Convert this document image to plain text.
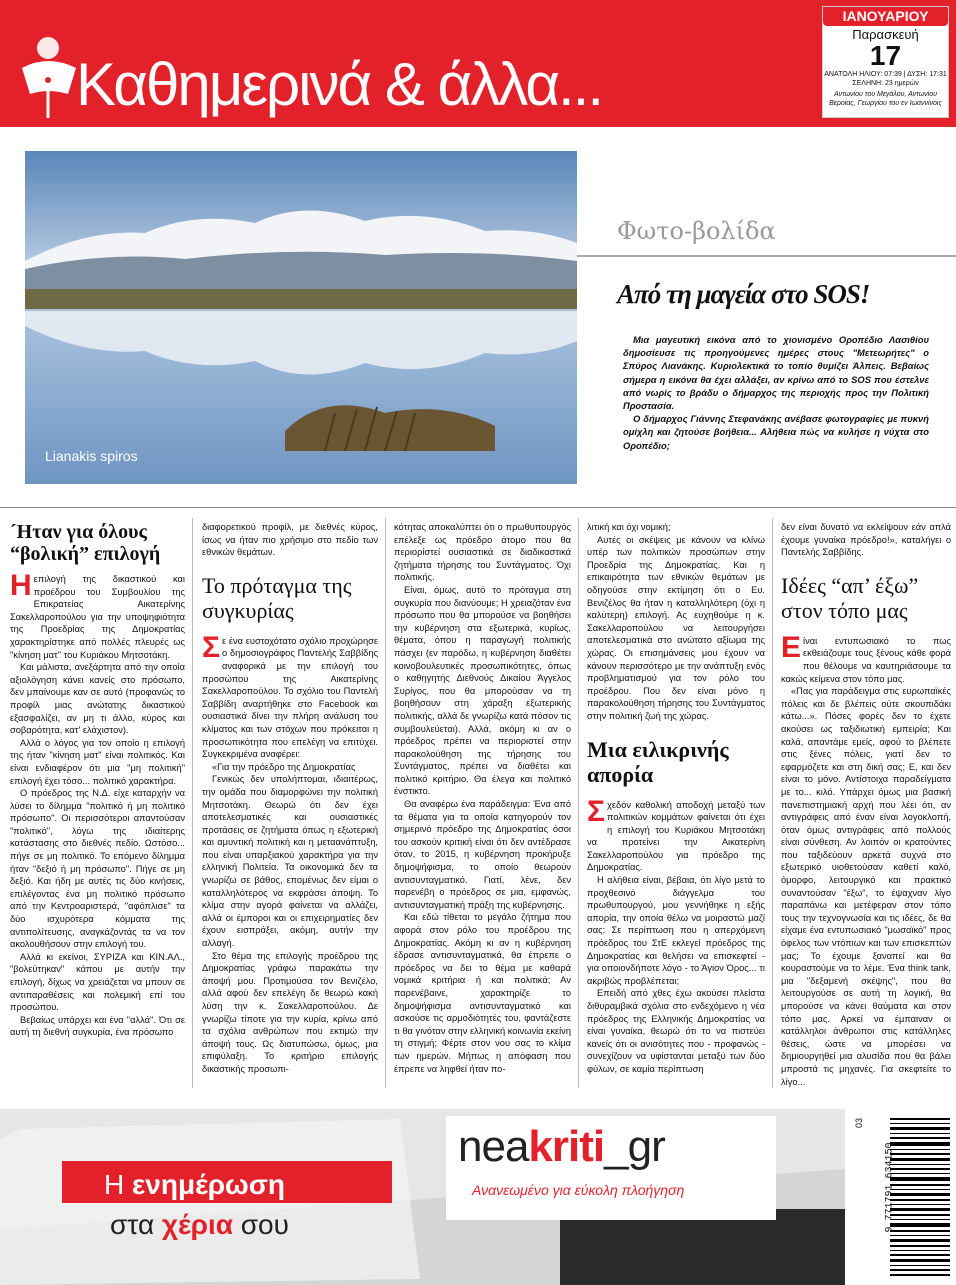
Καθημερινά & άλλα...
ΙΑΝΟΥΑΡΙΟΥ
Παρασκευή
17
ΑΝΑΤΟΛΗ ΗΛΙΟΥ: 07:39 | ΔΥΣΗ: 17:31
ΣΕΛΗΝΗ: 23 ημερών
Αντωνίου του Μεγάλου, Αντωνίου Βεροίας, Γεωργίου του εν Ιωαννίνοις
Lianakis spiros
Φωτο-βολίδα
Από τη μαγεία στο SOS!

Μια μαγευτική εικόνα από το χιονισμένο Οροπέδιο Λασιθίου δημοσίευσε τις προηγούμενες ημέρες στους "Μετεωρήτες" ο Σπύρος Λιανάκης. Κυριολεκτικά το τοπίο θυμίζει Άλπεις. Βεβαίως σήμερα η εικόνα θα έχει αλλάξει, αν κρίνω από το SOS που έστελνε από νωρίς το βράδυ ο δήμαρχος της περιοχής προς την Πολιτική Προστασία.

Ο δήμαρχος Γιάννης Στεφανάκης ανέβασε φωτογραφίες με πυκνή ομίχλη και ζητούσε βοήθεια... Αλήθεια πώς να κυλήσε η νύχτα στο Οροπέδιο;

´Ηταν για όλους
“βολική” επιλογή

Ηεπιλογή της δικαστικού και προέδρου του Συμβουλίου της Επικρατείας Αικατερίνης Σακελλαροπούλου για την υποψηφιότητα της Προεδρίας της Δημοκρατίας χαρακτηρίστηκε από πολλές πλευρές ως "κίνηση ματ" του Κυριάκου Μητσοτάκη.

Και μάλιστα, ανεξάρτητα από την οποία αξιολόγηση κάνει κανείς στο πρόσωπο, δεν μπαίνουμε καν σε αυτό (προφανώς το προφίλ μιας ανώτατης δικαστικού εξασφαλίζει, αν μη τι άλλο, κύρος και σοβαρότητα, κατ' ελάχιστον).

Αλλά ο λόγος για τον οποίο η επιλογή της ήταν "κίνηση ματ" είναι πολιτικός. Και είναι ενδιαφέρον ότι μια "μη πολιτική" επιλογή έχει τόσο... πολιτικό χαρακτήρα.

Ο πρόεδρος της Ν.Δ. είχε καταρχήν να λύσει το δίλημμα "πολιτικό ή μη πολιτικό πρόσωπο". Οι περισσότεροι απαντούσαν "πολιτικό", λόγω της ιδιαίτερης κατάστασης στο διεθνές πεδίο. Ωστόσο... πήγε σε μη πολιτικό. Το επόμενο δίλημμα ήταν "δεξιό ή μη πρόσωπο". Πήγε σε μη δεξιό. Και ήδη με αυτές τις δύο κινήσεις, επιλέγοντας ένα μη πολιτικό πρόσωπο από την Κεντροαριστερά, "αφόπλισε" τα δύο ισχυρότερα κόμματα της αντιπολίτευσης, αναγκάζοντάς τα να τον ακολουθήσουν στην επιλογή του.

Αλλά κι εκείνοι, ΣΥΡΙΖΑ και ΚΙΝ.ΑΛ., "βολεύτηκαν" κάπου με αυτήν την επιλογή, δίχως να χρειάζεται να μπουν σε αντιπαραθέσεις και πολεμική επί του προσώπου.

Βεβαίως υπάρχει και ένα "αλλά". Ότι σε αυτή τη διεθνή συγκυρία, ένα πρόσωπο

διαφορετικού προφίλ, με διεθνές κύρος, ίσως να ήταν πιο χρήσιμο στο πεδίο των εθνικών θεμάτων.

Το πρόταγμα της
συγκυρίας

Σε ένα ευστοχότατο σχόλιο προχώρησε ο δημοσιογράφος Παντελής Σαββίδης αναφορικά με την επιλογή του προσώπου της Αικατερίνης Σακελλαροπούλου. Το σχόλιο του Παντελή Σαββίδη αναρτήθηκε στο Facebook και ουσιαστικά δίνει την πλήρη ανάλυση του κλίματος και των στόχων που πρόκειται η προσωπικότητα που επελέγη να επιτύχει. Συγκεκριμένα αναφέρει:

«Για την πρόεδρο της Δημοκρατίας

Γενικώς δεν υπολήπτομαι, ιδιαιτέρως, την ομάδα που διαμορφώνει την πολιτική Μητσοτάκη. Θεωρώ ότι δεν έχει αποτελεσματικές και ουσιαστικές προτάσεις σε ζητήματα όπως η εξωτερική και αμυντική πολιτική και η μεταανάπτυξη, που είναι υπαρξιακού χαρακτήρα για την ελληνική Πολιτεία. Τα οικονομικά δεν τα γνωρίζω σε βάθος, επομένως δεν είμαι ο καταλληλότερος να εκφράσει άποψη. Το κλίμα στην αγορά φαίνεται να αλλάζει, αλλά οι έμποροι και οι επιχειρηματίες δεν έχουν εισπράξει, ακόμη, αυτήν την αλλαγή.

Στο θέμα της επιλογής προέδρου της Δημοκρατίας γράφω παρακάτω την άποψή μου. Προτιμούσα τον Βενιζέλο, αλλά αφού δεν επελέγη δε θεωρώ κακή λύση την κ. Σακελλαροπούλου. Δε γνωρίζω τίποτε για την κυρία, κρίνω από τα σχόλια ανθρώπων που εκτιμώ την άποψή τους. Ως διατυπώσω, όμως, μια επιφύλαξη. Το κριτήριο επιλογής δικαστικής προσωπι-

κότητας αποκαλύπτει ότι ο πρωθυπουργός επέλεξε ως πρόεδρο άτομο που θα περιορίστεί ουσιαστικά σε διαδικαστικά ζητήματα τήρησης του Συντάγματος. Όχι πολιτικής.

Είναι, όμως, αυτό το πρόταγμα στη συγκυρία που διανύουμε; Η χρειαζόταν ένα πρόσωπο που θα μπορούσε να βοηθήσει την κυβέρνηση στα εξωτερικά, κυρίως, θέματα, όπου η παραγωγή πολιτικής πάσχει (εν παρόδω, η κυβέρνηση διαθέτει κοινοβουλευτικές προσωπικότητες, όπως ο καθηγητής Διεθνούς Δικαίου Άγγελος Συρίγος, που θα μπορούσαν να τη βοηθήσουν στη χάραξη εξωτερικής πολιτικής, αλλά δε γνωρίζω κατά πόσον τις συμβουλεύεται). Αλλά, ακόμη κι αν ο πρόεδρος πρέπει να περιοριστεί στην παρακολούθηση της τήρησης του Συντάγματος, πρέπει να διαθέτει και πολιτικό κριτήριο. Θα έλεγα και πολιτικό ένστικτο.

Θα αναφέρω ένα παράδειγμα: Ένα από τα θέματα για τα οποία κατηγορούν τον σημερινό πρόεδρο της Δημοκρατίας όσοι του ασκούν κριτική είναι ότι δεν αντέδρασε όταν, το 2015, η κυβέρνηση προκήρυξε δημοψήφισμα, το οποίο θεωρούν αντισυνταγματικό. Γιατί, λένε, δεν παρενέβη ο πρόεδρος σε μια, εμφανώς, αντισυνταγματική πράξη της κυβέρνησης.

Και εδώ τίθεται το μεγάλο ζήτημα που αφορά στον ρόλο του προέδρου της Δημοκρατίας. Ακόμη κι αν η κυβέρνηση έδρασε αντισυνταγματικά, θα έπρεπε ο πρόεδρος να δει το θέμα με καθαρά νομικά κριτήρια ή και πολιτικά; Αν παρενέβαινε, χαρακτηρίζε το δημοψήφισμα αντισυνταγματικό και ασκούσε τις αρμοδιότητές του, φαντάζεστε τι θα γινόταν στην ελληνική κοινωνία εκείνη τη στιγμή; Φέρτε στον νου σας το κλίμα των ημερών. Μήπως η απόφαση που έπρεπε να ληφθεί ήταν πο-

λιτική και όχι νομική;

Αυτές οι σκέψεις με κάνουν να κλίνω υπέρ των πολιτικών προσώπων στην Προεδρία της Δημοκρατίας. Και η επικαιρότητα των εθνικών θεμάτων με οδηγούσε στην εκτίμηση ότι ο Ευ. Βενιζέλος θα ήταν η καταλληλότερη (όχι η καλύτερη) επιλογή. Ας ευχηθούμε η κ. Σακελλαροπούλου να λειτουργήσει αποτελεσματικά στο ανώτατο αξίωμα της χώρας. Οι επισημάνσεις μου έχουν να κάνουν περισσότερο με την ανάπτυξη ενός προβληματισμού για τον ρόλο του προέδρου. Που δεν είναι μόνο η παρακολούθηση τήρησης του Συντάγματος στην πολιτική ζωή της χώρας.

Μια ειλικρινής
απορία

Σχεδόν καθολική αποδοχή μεταξύ των πολιτικών κομμάτων φαίνεται ότι έχει η επιλογή του Κυριάκου Μητσοτάκη να προτείνει την Αικατερίνη Σακελλαροπούλου για πρόεδρο της Δημοκρατίας.

Η αλήθεια είναι, βέβαια, ότι λίγο μετά το προχθεσινό διάγγελμα του πρωθυπουργού, μου γεννήθηκε η εξής απορία, την οποία θέλω να μοιραστώ μαζί σας: Σε περίπτωση που η απερχόμενη πρόεδρος του ΣτΕ εκλεγεί πρόεδρος της Δημοκρατίας και θελήσει να επισκεφτεί - για οποιονδήποτε λόγο - το Άγιον Όρος... τι ακριβώς προβλέπεται;

Επειδή από χθες έχω ακούσει πλείστα διθυραμβικά σχόλια στο ενδεχόμενο η νέα πρόεδρος της Ελληνικής Δημοκρατίας να είναι γυναίκα, θεωρώ ότι το να πιστεύει κανείς ότι οι ανισότητες που - προφανώς - συνεχίζουν να υφίστανται μεταξύ των δύο φύλων, σε καμία περίπτωση

δεν είναι δυνατό να εκλείψουν εάν απλά έχουμε γυναίκα πρόεδρο!», καταλήγει ο Παντελής Σαββίδης.

Ιδέες “απ’ έξω”
στον τόπο μας

Είναι εντυπωσιακό το πως εκθειάζουμε τους ξένους κάθε φορά που θέλουμε να καυτηριάσουμε τα κακώς κείμενα στον τόπο μας.

«Πας για παράδειγμα στις ευρωπαϊκές πόλεις και δε βλέπεις ούτε σκουπιδάκι κάτω...». Πόσες φορές δεν το έχετε ακούσει ως ταξιδιωτική εμπειρία; Και καλά, απαντάμε εμείς, αφού το βλέπετε στις ξένες πόλεις, γιατί δεν το εφαρμόζετε και στη δική σας; Ε, και δεν είναι το μόνο. Αντίστοιχα παραδείγματα με το... κιλό. Υπάρχει όμως μια βασική πανεπιστημιακή αρχή που λέει ότι, αν αντιγράφεις από έναν είναι λογοκλοπή, όταν όμως αντιγράφεις από πολλούς είναι σύνθεση. Αν λοιπόν οι κρατούντες που ταξιδεύουν αρκετά συχνά στο εξωτερικό υιοθετούσαν καθετί καλό, όμορφο, λειτουργικό και πρακτικό συναντούσαν "έξω", το έψαχναν λίγο παραπάνω και μετέφεραν στον τόπο τους την τεχνογνωσία και τις ιδέες, δε θα είχαμε ένα εντυπωσιακό "μωσαϊκό" προς όφελος των ντόπιων και των επισκεπτών μας; Το έχουμε ξαναπεί και θα κουραστούμε να το λέμε. Ένα think tank, μια "δεξαμενή σκέψης", που θα λειτουργούσε σε αυτή τη λογική, θα μπορούσε να κάνει θαύματα και στον τόπο μας. Αρκεί να έμπαιναν οι κατάλληλοι άνθρωποι στις κατάλληλες θέσεις, ώστε να μπορέσει να δημιουργηθεί μια αλυσίδα που θα βάλει μπροστά τις μηχανές. Για σκεφτείτε το λίγο...

Η ενημέρωση
στα χέρια σου
neakriti_gr
Ανανεωμένο για εύκολη πλοήγηση	9 771791 634150
03
